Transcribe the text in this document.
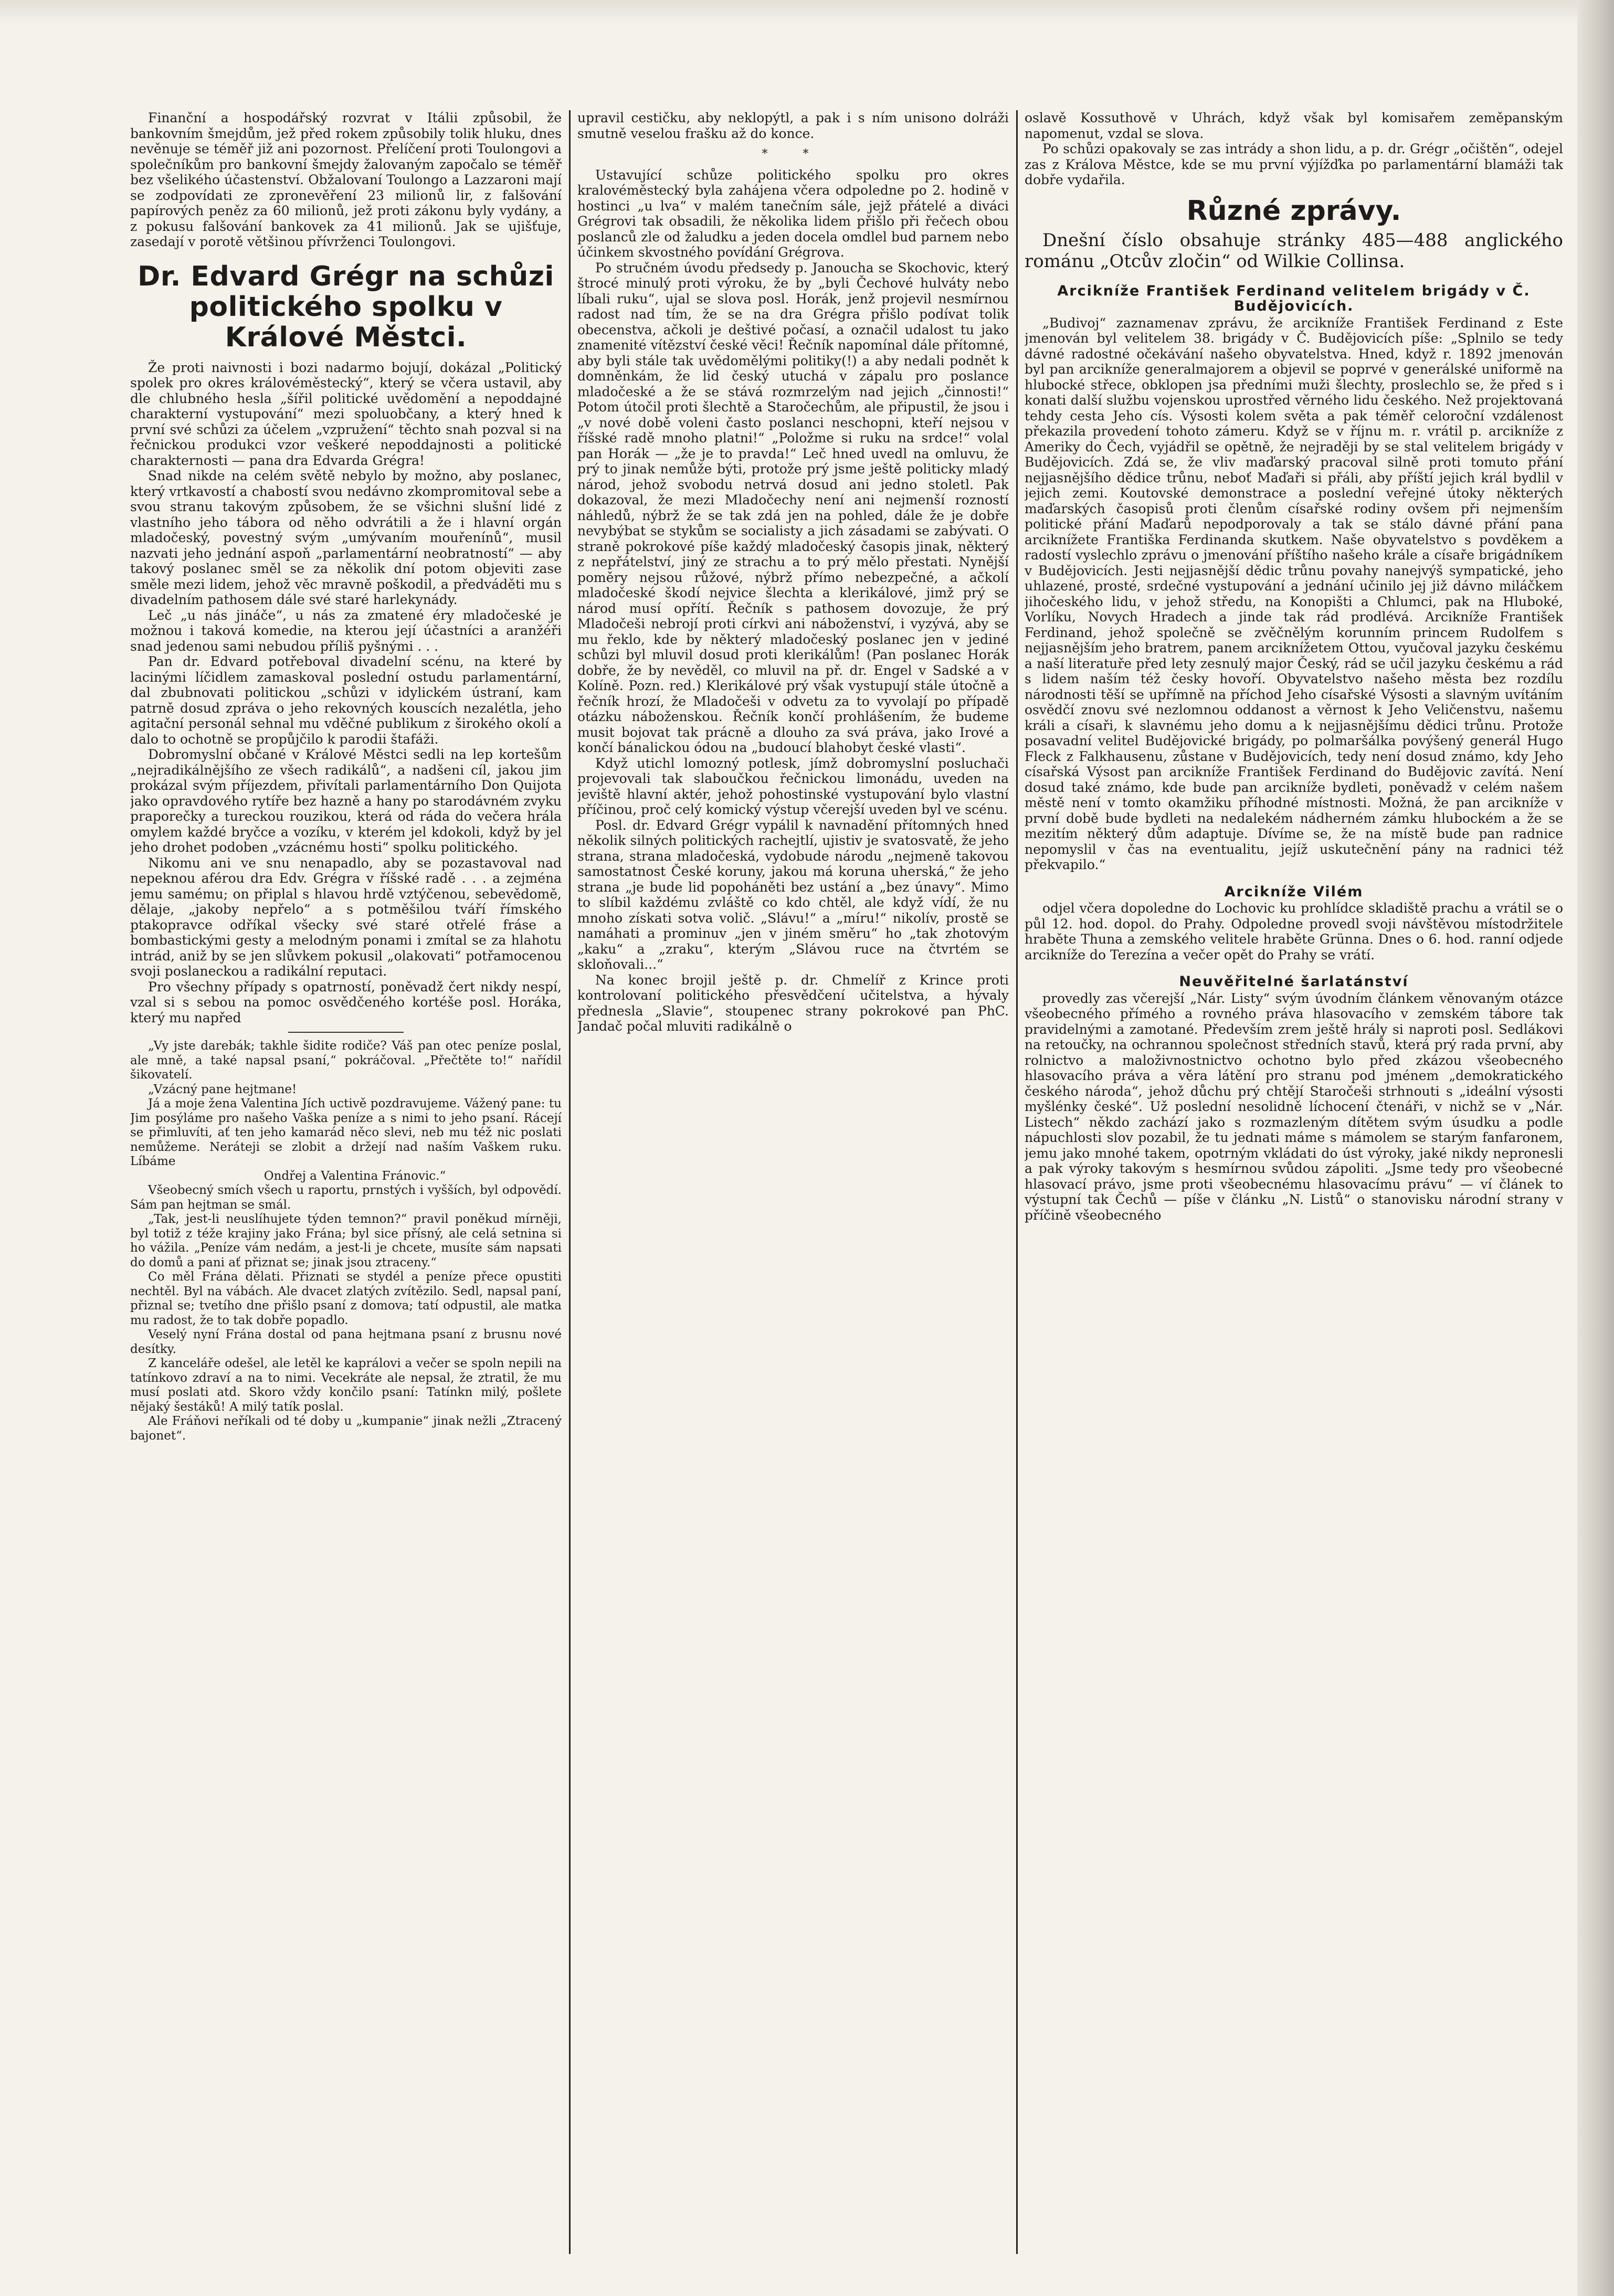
Finanční a hospodářský rozvrat v Itálii způsobil, že bankovním šmejdům, jež před rokem způsobily tolik hluku, dnes nevěnuje se téměř již ani pozornost. Přelíčení proti Toulongovi a společníkům pro bankovní šmejdy žalovaným započalo se téměř bez všelikého účastenství. Obžalovaní Toulongo a Lazzaroni mají se zodpovídati ze zpronevěření 23 milionů lir, z falšování papírových peněz za 60 milionů, jež proti zákonu byly vydány, a z pokusu falšování bankovek za 41 milionů. Jak se ujišťuje, zasedají v porotě většinou přívrženci Toulongovi.

Dr. Edvard Grégr na schůzi politického spolku v Králové Městci.

Že proti naivnosti i bozi nadarmo bojují, dokázal „Politický spolek pro okres královéměstecký“, který se včera ustavil, aby dle chlubného hesla „šířil politické uvědomění a nepoddajné charakterní vystupování“ mezi spoluobčany, a který hned k první své schůzi za účelem „vzpružení“ těchto snah pozval si na řečnickou produkci vzor veškeré nepoddajnosti a politické charakternosti — pana dra Edvarda Grégra!

Snad nikde na celém světě nebylo by možno, aby poslanec, který vrtkavostí a chabostí svou nedávno zkompromitoval sebe a svou stranu takovým způsobem, že se všichni slušní lidé z vlastního jeho tábora od něho odvrátili a že i hlavní orgán mladočeský, povestný svým „umývaním mouřenínů“, musil nazvati jeho jednání aspoň „parlamentární neobratností“ — aby takový poslanec směl se za několik dní potom objeviti zase směle mezi lidem, jehož věc mravně poškodil, a předváděti mu s divadelním pathosem dále své staré harlekynády.

Leč „u nás jináče“, u nás za zmatené éry mladočeské je možnou i taková komedie, na kterou její účastníci a aranžéři snad jedenou sami nebudou příliš pyšnými . . .

Pan dr. Edvard potřeboval divadelní scénu, na které by lacinými líčidlem zamaskoval poslední ostudu parlamentární, dal zbubnovati politickou „schůzi v idylickém ústraní, kam patrně dosud zpráva o jeho rekovných kouscích nezalétla, jeho agitační personál sehnal mu vděčné publikum z širokého okolí a dalo to ochotně se propůjčilo k parodii štafáži.

Dobromyslní občané v Králové Městci sedli na lep kortešům „nejradikálnějšího ze všech radikálů“, a nadšeni cíl, jakou jim prokázal svým příjezdem, přivítali parlamentárního Don Quijota jako opravdového rytíře bez hazně a hany po starodávném zvyku praporečky a tureckou rouzikou, která od ráda do večera hrála omylem každé bryčce a vozíku, v kterém jel kdokoli, když by jel jeho drohet podoben „vzácnému hosti“ spolku politického.

Nikomu ani ve snu nenapadlo, aby se pozastavoval nad nepeknou aférou dra Edv. Grégra v říšské radě . . . a zejména jemu samému; on připlal s hlavou hrdě vztýčenou, sebevědomě, dělaje, „jakoby nepřelo“ a s potměšilou tváří římského ptakopravce odříkal všecky své staré otřelé fráse a bombastickými gesty a melodným ponami i zmítal se za hlahotu intrád, aniž by se jen slůvkem pokusil „olakovati“ potřamocenou svoji poslaneckou a radikální reputaci.

Pro všechny případy s opatrností, poněvadž čert nikdy nespí, vzal si s sebou na pomoc osvědčeného kortéše posl. Horáka, který mu napřed

„Vy jste darebák; takhle šidite rodiče? Váš pan otec peníze poslal, ale mně, a také napsal psaní,“ pokráčoval. „Přečtěte to!“ nařídil šikovatelí.

„Vzácný pane hejtmane!

Já a moje žena Valentina Jích uctivě pozdravujeme. Vážený pane: tu Jim posýláme pro našeho Vaška peníze a s nimi to jeho psaní. Rácejí se přimluvíti, ať ten jeho kamarád něco slevi, neb mu též nic poslati nemůžeme. Neráteji se zlobit a držejí nad naším Vaškem ruku. Líbáme

Ondřej a Valentina Fránovic.“

Všeobecný smích všech u raportu, prnstých i vyšších, byl odpovědí. Sám pan hejtman se smál.

„Tak, jest-li neuslíhujete týden temnon?“ pravil poněkud mírněji, byl totiž z téže krajiny jako Frána; byl sice přísný, ale celá setnina si ho vážila. „Peníze vám nedám, a jest-li je chcete, musíte sám napsati do domů a pani ať přiznat se; jinak jsou ztraceny.“

Co měl Frána dělati. Přiznati se stydél a peníze přece opustiti nechtěl. Byl na vábách. Ale dvacet zlatých zvítězilo. Sedl, napsal paní, přiznal se; tvetího dne přišlo psaní z domova; tatí odpustil, ale matka mu radost, že to tak dobře popadlo.

Veselý nyní Frána dostal od pana hejtmana psaní z brusnu nové desítky.

Z kanceláře odešel, ale letěl ke kaprálovi a večer se spoln nepili na tatínkovo zdraví a na to nimi. Vecekráte ale nepsal, že ztratil, že mu musí poslati atd. Skoro vždy končilo psaní: Tatínkn milý, pošlete nějaký šestáků! A milý tatík poslal.

Ale Fráňovi neříkali od té doby u „kumpanie“ jinak nežli „Ztracený bajonet“.

upravil cestičku, aby neklopýtl, a pak i s ním unisono dolráži smutně veselou frašku až do konce.

* *

Ustavující schůze politického spolku pro okres kralovéměstecký byla zahájena včera odpoledne po 2. hodině v hostinci „u lva“ v malém tanečním sále, jejž přátelé a diváci Grégrovi tak obsadili, že několika lidem přišlo při řečech obou poslanců zle od žaludku a jeden docela omdlel bud parnem nebo účinkem skvostného povídání Grégrova.

Po stručném úvodu předsedy p. Janoucha se Skochovic, který štrocé minulý proti výroku, že by „byli Čechové hulváty nebo líbali ruku“, ujal se slova posl. Horák, jenž projevil nesmírnou radost nad tím, že se na dra Grégra přišlo podívat tolik obecenstva, ačkoli je deštivé počasí, a označil udalost tu jako znamenité vítězství české věci! Řečník napomínal dále přítomné, aby byli stále tak uvědomělými politiky(!) a aby nedali podnět k domněnkám, že lid český utuchá v zápalu pro poslance mladočeské a že se stává rozmrzelým nad jejich „činnosti!“ Potom útočil proti šlechtě a Staročechům, ale připustil, že jsou i „v nové době voleni často poslanci neschopni, kteří nejsou v říšské radě mnoho platni!“ „Položme si ruku na srdce!“ volal pan Horák — „že je to pravda!“ Leč hned uvedl na omluvu, že prý to jinak nemůže býti, protože prý jsme ještě politicky mladý národ, jehož svobodu netrvá dosud ani jedno stoletl. Pak dokazoval, že mezi Mladočechy není ani nejmenší rozností náhledů, nýbrž že se tak zdá jen na pohled, dále že je dobře nevybýbat se stykům se socialisty a jich zásadami se zabývati. O straně pokrokové píše každý mladočeský časopis jinak, některý z nepřátelství, jiný ze strachu a to prý mělo přestati. Nynější poměry nejsou růžové, nýbrž přímo nebezpečné, a ačkolí mladočeské škodí nejvice šlechta a klerikálové, jimž prý se národ musí opřítí. Řečník s pathosem dovozuje, že prý Mladočeši nebrojí proti církvi ani náboženství, i vyzývá, aby se mu řeklo, kde by některý mladočeský poslanec jen v jediné schůzi byl mluvil dosud proti klerikálům! (Pan poslanec Horák dobře, že by nevěděl, co mluvil na př. dr. Engel v Sadské a v Kolíně. Pozn. red.) Klerikálové prý však vystupují stále útočně a řečník hrozí, že Mladočeši v odvetu za to vyvolají po případě otázku náboženskou. Řečník končí prohlášením, že budeme musit bojovat tak prácně a dlouho za svá práva, jako Irové a končí bánalickou ódou na „budoucí blahobyt české vlasti“.

Když utichl lomozný potlesk, jímž dobromyslní posluchači projevovali tak slaboučkou řečnickou limonádu, uveden na jeviště hlavní aktér, jehož pohostinské vystupování bylo vlastní příčinou, proč celý komický výstup včerejší uveden byl ve scénu.

Posl. dr. Edvard Grégr vypálil k navnadění přítomných hned několik silných politických rachejtlí, ujistiv je svatosvatě, že jeho strana, strana mladočeská, vydobude národu „nejmeně takovou samostatnost České koruny, jakou má koruna uherská,“ že jeho strana „je bude lid popoháněti bez ustání a „bez únavy“. Mimo to slíbil každému zvláště co kdo chtěl, ale když vídí, že nu mnoho získati sotva volič. „Slávu!“ a „míru!“ nikolív, prostě se namáhati a prominuv „jen v jiném směru“ ho „tak zhotovým „kaku“ a „zraku“, kterým „Slávou ruce na čtvrtém se skloňovali...“

Na konec brojil ještě p. dr. Chmelíř z Krince proti kontrolovaní politického přesvědčení učitelstva, a hývaly přednesla „Slavie“, stoupenec strany pokrokové pan PhC. Jandač počal mluviti radikálně o

oslavě Kossuthově v Uhrách, když však byl komisařem zeměpanským napomenut, vzdal se slova.

Po schůzi opakovaly se zas intrády a shon lidu, a p. dr. Grégr „očištěn“, odejel zas z Králova Městce, kde se mu první výjížďka po parlamentární blamáži tak dobře vydařila.

Různé zprávy.

Dnešní číslo obsahuje stránky 485—488 anglického románu „Otcův zločin“ od Wilkie Collinsa.

Arcikníže František Ferdinand velitelem brigády v Č. Budějovicích.

„Budivoj“ zaznamenav zprávu, že arcikníže František Ferdinand z Este jmenován byl velitelem 38. brigády v Č. Budějovicích píše: „Splnilo se tedy dávné radostné očekávání našeho obyvatelstva. Hned, když r. 1892 jmenován byl pan arcikníže generalmajorem a objevil se poprvé v generálské uniformě na hlubocké střece, obklopen jsa předními muži šlechty, proslechlo se, že před s i konati další službu vojenskou uprostřed věrného lidu českého. Než projektovaná tehdy cesta Jeho cís. Výsosti kolem světa a pak téměř celoroční vzdálenost překazila provedení tohoto zámeru. Když se v říjnu m. r. vrátil p. arcikníže z Ameriky do Čech, vyjádřil se opětně, že nejraději by se stal velitelem brigády v Budějovicích. Zdá se, že vliv maďarský pracoval silně proti tomuto přání nejjasnějšího dědice trůnu, neboť Maďaři si přáli, aby příští jejich král bydlil v jejich zemi. Koutovské demonstrace a poslední veřejné útoky některých maďarských časopisů proti členům císařské rodiny ovšem při nejmenším politické přání Maďarů nepodporovaly a tak se stálo dávné přání pana arciknížete Františka Ferdinanda skutkem. Naše obyvatelstvo s povděkem a radostí vyslechlo zprávu o jmenování příštího našeho krále a císaře brigádníkem v Budějovicích. Jesti nejjasnější dědic trůnu povahy nanejvýš sympatické, jeho uhlazené, prosté, srdečné vystupování a jednání učinilo jej již dávno miláčkem jihočeského lidu, v jehož středu, na Konopišti a Chlumci, pak na Hluboké, Vorlíku, Novych Hradech a jinde tak rád prodlévá. Arcikníže František Ferdinand, jehož společně se zvěčnělým korunním princem Rudolfem s nejjasnějším jeho bratrem, panem arciknížetem Ottou, vyučoval jazyku českému a naší literatuře před lety zesnulý major Český, rád se učil jazyku českému a rád s lidem naším též česky hovoří. Obyvatelstvo našeho města bez rozdílu národnosti těší se upřímně na příchod Jeho císařské Výsosti a slavným uvítáním osvědčí znovu své nezlomnou oddanost a věrnost k Jeho Veličenstvu, našemu králi a císaři, k slavnému jeho domu a k nejjasnějšímu dědici trůnu. Protože posavadní velitel Budějovické brigády, po polmaršálka povýšený generál Hugo Fleck z Falkhausenu, zůstane v Budějovicích, tedy není dosud známo, kdy Jeho císařská Výsost pan arcikníže František Ferdinand do Budějovic zavítá. Není dosud také známo, kde bude pan arcikníže bydleti, poněvadž v celém našem městě není v tomto okamžiku příhodné místnosti. Možná, že pan arcikníže v první době bude bydleti na nedalekém nádherném zámku hlubockém a že se mezitím některý dům adaptuje. Dívíme se, že na místě bude pan radnice nepomyslil v čas na eventualitu, jejíž uskutečnění pány na radnici též překvapilo.“

Arcikníže Vilém

odjel včera dopoledne do Lochovic ku prohlídce skladiště prachu a vrátil se o půl 12. hod. dopol. do Prahy. Odpoledne provedl svoji návštěvou místodržitele hraběte Thuna a zemského velitele hraběte Grünna. Dnes o 6. hod. ranní odjede arcikníže do Terezína a večer opět do Prahy se vrátí.

Neuvěřitelné šarlatánství

provedly zas včerejší „Nár. Listy“ svým úvodním článkem věnovaným otázce všeobecného přímého a rovného práva hlasovacího v zemském tábore tak pravidelnými a zamotané. Především zrem ještě hrály si naproti posl. Sedlákovi na retoučky, na ochrannou společnost středních stavů, která prý rada první, aby rolnictvo a maloživnostnictvo ochotno bylo před zkázou všeobecného hlasovacího práva a věra látění pro stranu pod jménem „demokratického českého národa“, jehož důchu prý chtějí Staročeši strhnouti s „ideální výsosti myšlénky české“. Už poslední nesolidně líchocení čtenáři, v nichž se v „Nár. Listech“ někdo zachází jako s rozmazleným dítětem svým úsudku a podle nápuchlosti slov pozabil, že tu jednati máme s mámolem se starým fanfaronem, jemu jako mnohé takem, opotrným vkládati do úst výroky, jaké nikdy nepronesli a pak výroky takovým s hesmírnou svůdou zápoliti. „Jsme tedy pro všeobecné hlasovací právo, jsme proti všeobecnému hlasovacímu právu“ — ví článek to výstupní tak Čechů — píše v článku „N. Listů“ o stanovisku národní strany v příčině všeobecného
